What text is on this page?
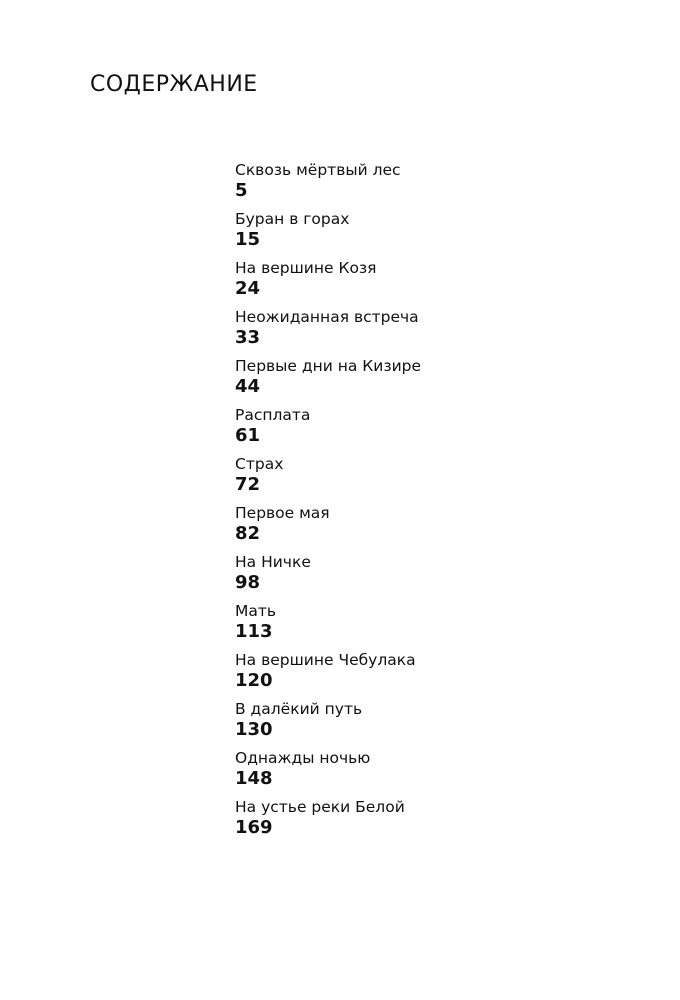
СОДЕРЖАНИЕ
Сквозь мёртвый лес
5
Буран в горах
15
На вершине Козя
24
Неожиданная встреча
33
Первые дни на Кизире
44
Расплата
61
Страх
72
Первое мая
82
На Ничке
98
Мать
113
На вершине Чебулака
120
В далёкий путь
130
Однажды ночью
148
На устье реки Белой
169
